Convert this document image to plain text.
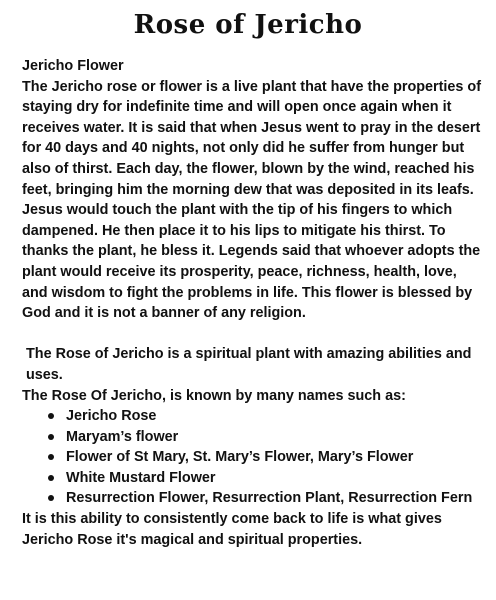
Rose of Jericho

Jericho Flower

The Jericho rose or flower is a live plant that have the properties of staying dry for indefinite time and will open once again when it receives water. It is said that when Jesus went to pray in the desert for 40 days and 40 nights, not only did he suffer from hunger but also of thirst. Each day, the flower, blown by the wind, reached his feet, bringing him the morning dew that was deposited in its leafs. Jesus would touch the plant with the tip of his fingers to which dampened. He then place it to his lips to mitigate his thirst. To thanks the plant, he bless it. Legends said that whoever adopts the plant would receive its prosperity, peace, richness, health, love, and wisdom to fight the problems in life. This flower is blessed by God and it is not a banner of any religion.

The Rose of Jericho is a spiritual plant with amazing abilities and uses.

The Rose Of Jericho, is known by many names such as:

Jericho Rose
Maryam’s flower
Flower of St Mary, St. Mary’s Flower, Mary’s Flower
White Mustard Flower
Resurrection Flower, Resurrection Plant, Resurrection Fern

It is this ability to consistently come back to life is what gives Jericho Rose it's magical and spiritual properties.
